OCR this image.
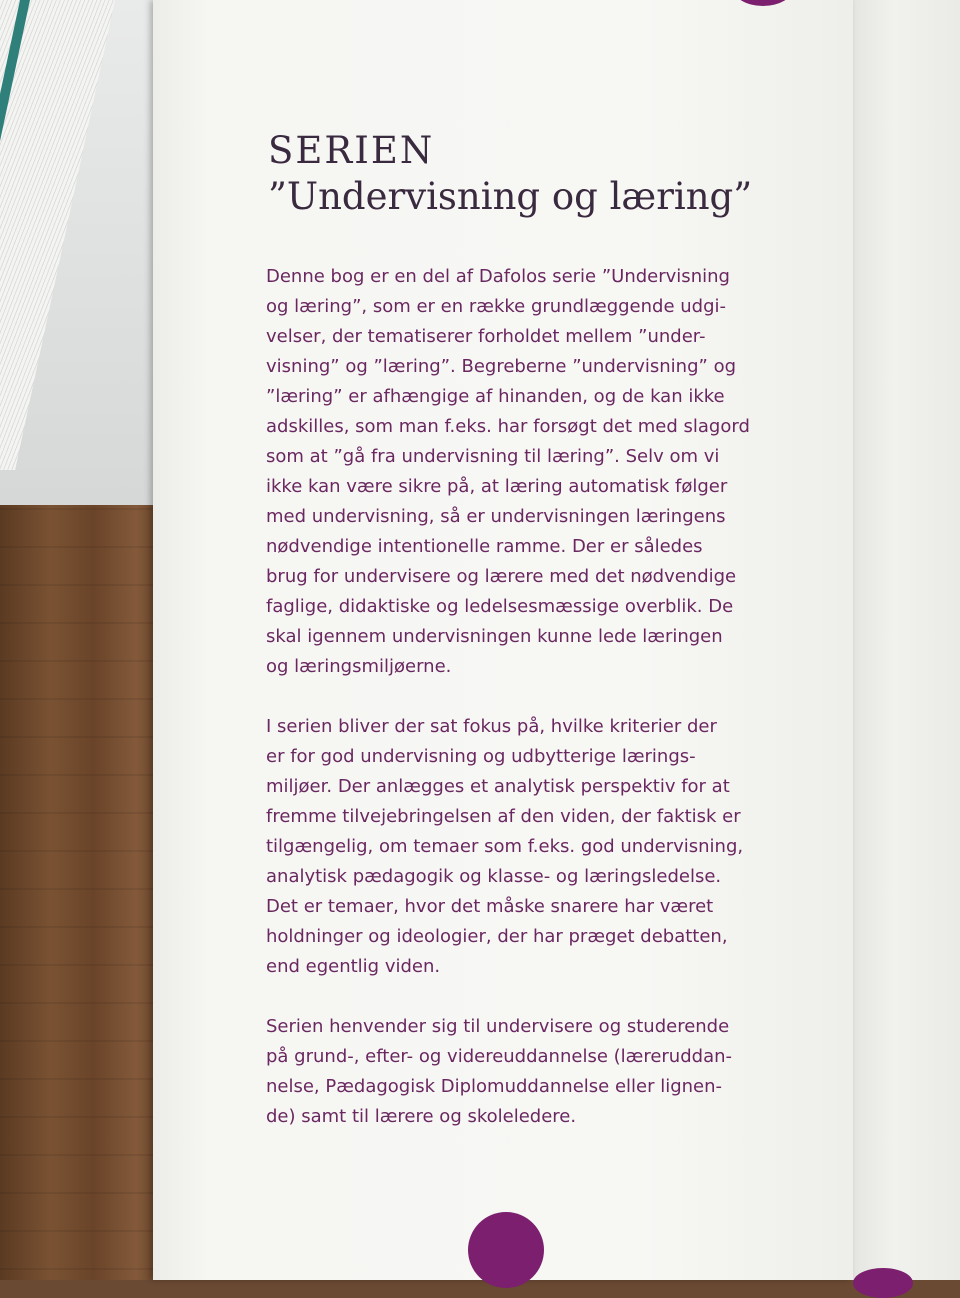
SERIEN
”Undervisning og læring”

Denne bog er en del af Dafolos serie ”Undervisning
og læring”, som er en række grundlæggende udgi-
velser, der tematiserer forholdet mellem ”under-
visning” og ”læring”. Begreberne ”undervisning” og
”læring” er afhængige af hinanden, og de kan ikke
adskilles, som man f.eks. har forsøgt det med slagord
som at ”gå fra undervisning til læring”. Selv om vi
ikke kan være sikre på, at læring automatisk følger
med undervisning, så er undervisningen læringens
nødvendige intentionelle ramme. Der er således
brug for undervisere og lærere med det nødvendige
faglige, didaktiske og ledelsesmæssige overblik. De
skal igennem undervisningen kunne lede læringen
og læringsmiljøerne.

I serien bliver der sat fokus på, hvilke kriterier der
er for god undervisning og udbytterige lærings-
miljøer. Der anlægges et analytisk perspektiv for at
fremme tilvejebringelsen af den viden, der faktisk er
tilgængelig, om temaer som f.eks. god undervisning,
analytisk pædagogik og klasse- og læringsledelse.
Det er temaer, hvor det måske snarere har været
holdninger og ideologier, der har præget debatten,
end egentlig viden.

Serien henvender sig til undervisere og studerende
på grund-, efter- og videreuddannelse (læreruddan-
nelse, Pædagogisk Diplomuddannelse eller lignen-
de) samt til lærere og skoleledere.
